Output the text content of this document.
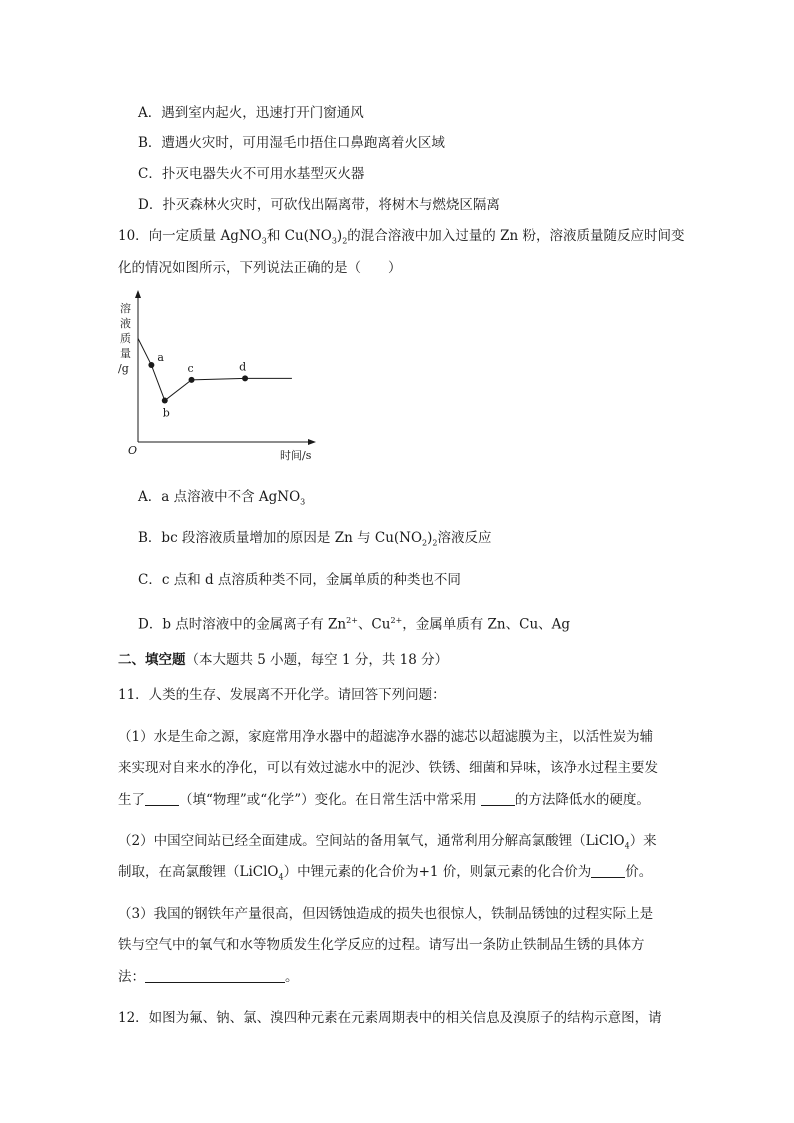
A．遇到室内起火，迅速打开门窗通风
B．遭遇火灾时，可用湿毛巾捂住口鼻跑离着火区域
C．扑灭电器失火不可用水基型灭火器
D．扑灭森林火灾时，可砍伐出隔离带，将树木与燃烧区隔离
10．向一定质量 AgNO$_3$和 $Cu(NO_3)_2$的混合溶液中加入过量的 Zn 粉，溶液质量随反应时间变
化的情况如图所示，下列说法正确的是（　　）
溶
液
质
量
/g
O	时间/s
a
b
c	d
A．a 点溶液中不含 AgNO$_3$
B．bc 段溶液质量增加的原因是 Zn 与 $Cu(NO_2)_2$溶液反应
C．c 点和 d 点溶质种类不同，金属单质的种类也不同
D．b 点时溶液中的金属离子有 $Zn^{2+}$、$Cu^{2+}$，金属单质有 Zn、Cu、Ag
二、填空题（本大题共 5 小题，每空 1 分，共 18 分）
11．人类的生存、发展离不开化学。请回答下列问题：
（1）水是生命之源，家庭常用净水器中的超滤净水器的滤芯以超滤膜为主，以活性炭为辅
来实现对自来水的净化，可以有效过滤水中的泥沙、铁锈、细菌和异味，该净水过程主要发
生了	（填“物理”或“化学”）变化。在日常生活中常采用	的方法降低水的硬度。
（2）中国空间站已经全面建成。空间站的备用氧气，通常利用分解高氯酸锂（LiClO$_4$）来
制取，在高氯酸锂（LiClO$_4$）中锂元素的化合价为+1 价，则氯元素的化合价为	价。
（3）我国的钢铁年产量很高，但因锈蚀造成的损失也很惊人，铁制品锈蚀的过程实际上是
铁与空气中的氧气和水等物质发生化学反应的过程。请写出一条防止铁制品生锈的具体方
法：	。
12．如图为氟、钠、氯、溴四种元素在元素周期表中的相关信息及溴原子的结构示意图，请
